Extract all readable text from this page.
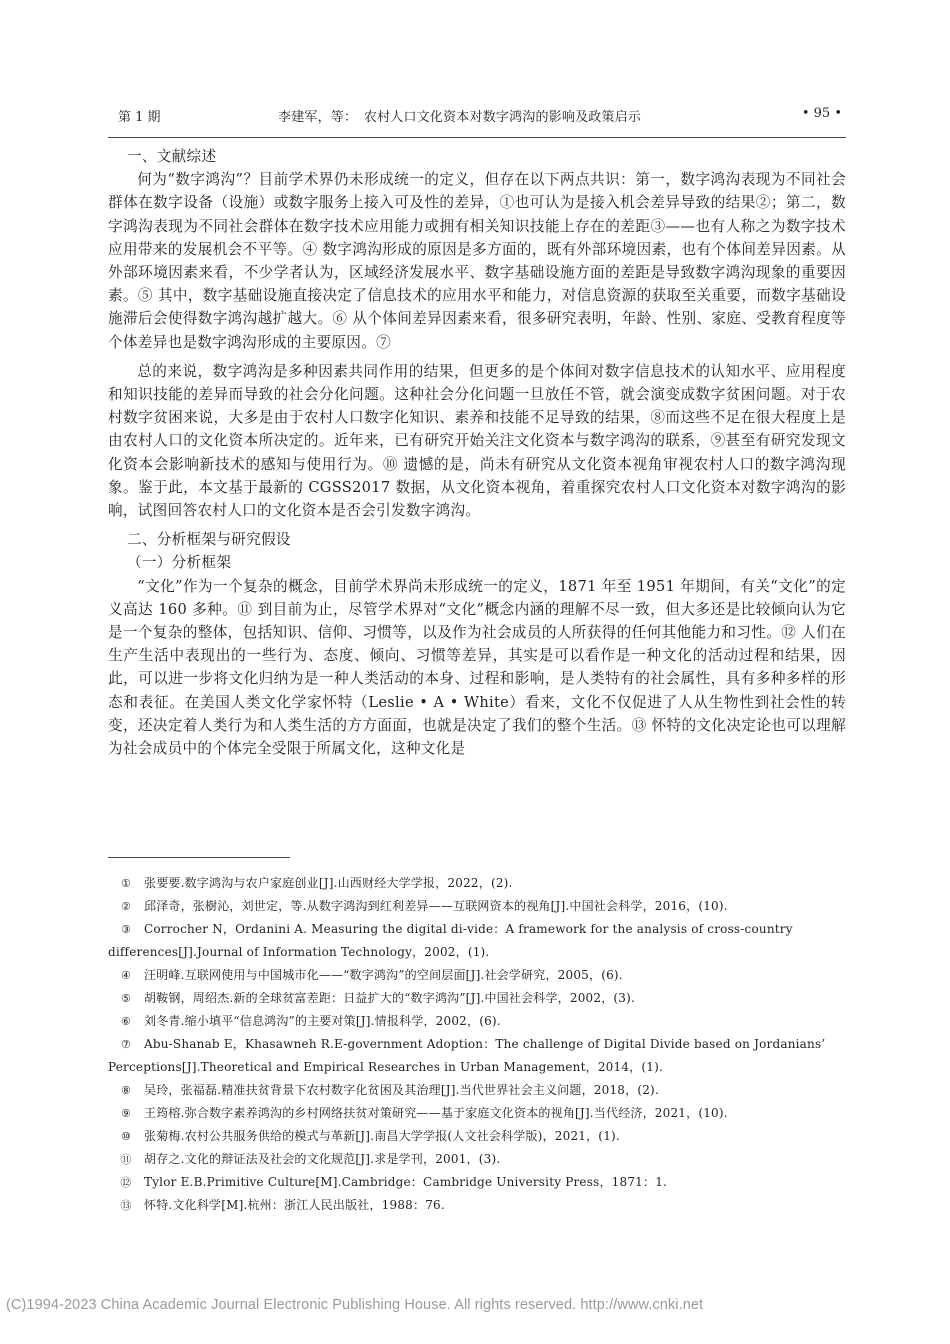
第 1 期	李建军，等：　农村人口文化资本对数字鸿沟的影响及政策启示	• 95 •

一、文献综述

何为“数字鸿沟”？目前学术界仍未形成统一的定义，但存在以下两点共识：第一，数字鸿沟表现为不同社会群体在数字设备（设施）或数字服务上接入可及性的差异，①也可认为是接入机会差异导致的结果②；第二，数字鸿沟表现为不同社会群体在数字技术应用能力或拥有相关知识技能上存在的差距③——也有人称之为数字技术应用带来的发展机会不平等。④ 数字鸿沟形成的原因是多方面的，既有外部环境因素，也有个体间差异因素。从外部环境因素来看，不少学者认为，区域经济发展水平、数字基础设施方面的差距是导致数字鸿沟现象的重要因素。⑤ 其中，数字基础设施直接决定了信息技术的应用水平和能力，对信息资源的获取至关重要，而数字基础设施滞后会使得数字鸿沟越扩越大。⑥ 从个体间差异因素来看，很多研究表明，年龄、性别、家庭、受教育程度等个体差异也是数字鸿沟形成的主要原因。⑦

总的来说，数字鸿沟是多种因素共同作用的结果，但更多的是个体间对数字信息技术的认知水平、应用程度和知识技能的差异而导致的社会分化问题。这种社会分化问题一旦放任不管，就会演变成数字贫困问题。对于农村数字贫困来说，大多是由于农村人口数字化知识、素养和技能不足导致的结果，⑧而这些不足在很大程度上是由农村人口的文化资本所决定的。近年来，已有研究开始关注文化资本与数字鸿沟的联系，⑨甚至有研究发现文化资本会影响新技术的感知与使用行为。⑩ 遗憾的是，尚未有研究从文化资本视角审视农村人口的数字鸿沟现象。鉴于此，本文基于最新的 CGSS2017 数据，从文化资本视角，着重探究农村人口文化资本对数字鸿沟的影响，试图回答农村人口的文化资本是否会引发数字鸿沟。

二、分析框架与研究假设

（一）分析框架

“文化”作为一个复杂的概念，目前学术界尚未形成统一的定义，1871 年至 1951 年期间，有关“文化”的定义高达 160 多种。⑪ 到目前为止，尽管学术界对“文化”概念内涵的理解不尽一致，但大多还是比较倾向认为它是一个复杂的整体，包括知识、信仰、习惯等，以及作为社会成员的人所获得的任何其他能力和习性。⑫ 人们在生产生活中表现出的一些行为、态度、倾向、习惯等差异，其实是可以看作是一种文化的活动过程和结果，因此，可以进一步将文化归纳为是一种人类活动的本身、过程和影响，是人类特有的社会属性，具有多种多样的形态和表征。在美国人类文化学家怀特（Leslie • A • White）看来，文化不仅促进了人从生物性到社会性的转变，还决定着人类行为和人类生活的方方面面，也就是决定了我们的整个生活。⑬ 怀特的文化决定论也可以理解为社会成员中的个体完全受限于所属文化，这种文化是

① 张要要.数字鸿沟与农户家庭创业[J].山西财经大学学报，2022，(2).
② 邱泽奇，张樹沁，刘世定，等.从数字鸿沟到红利差异——互联网资本的视角[J].中国社会科学，2016，(10).
③ Corrocher N，Ordanini A. Measuring the digital di‐vide：A framework for the analysis of cross-country differences[J].Journal of Information Technology，2002，(1).
④ 汪明峰.互联网使用与中国城市化——“数字鸿沟”的空间层面[J].社会学研究，2005，(6).
⑤ 胡鞍钢，周绍杰.新的全球贫富差距：日益扩大的“数字鸿沟”[J].中国社会科学，2002，(3).
⑥ 刘冬青.缩小填平“信息鸿沟”的主要对策[J].情报科学，2002，(6).
⑦ Abu-Shanab E，Khasawneh R.E-government Adoption：The challenge of Digital Divide based on Jordanians’ Perceptions[J].Theoretical and Empirical Researches in Urban Management，2014，(1).
⑧ 吴玲，张福磊.精准扶贫背景下农村数字化贫困及其治理[J].当代世界社会主义问题，2018，(2).
⑨ 王筠榕.弥合数字素养鸿沟的乡村网络扶贫对策研究——基于家庭文化资本的视角[J].当代经济，2021，(10).
⑩ 张菊梅.农村公共服务供给的模式与革新[J].南昌大学学报(人文社会科学版)，2021，(1).
⑪ 胡存之.文化的辩证法及社会的文化规范[J].求是学刊，2001，(3).
⑫ Tylor E.B.Primitive Culture[M].Cambridge：Cambridge University Press，1871：1.
⑬ 怀特.文化科学[M].杭州：浙江人民出版社，1988：76.
(C)1994-2023 China Academic Journal Electronic Publishing House. All rights reserved. http://www.cnki.net
